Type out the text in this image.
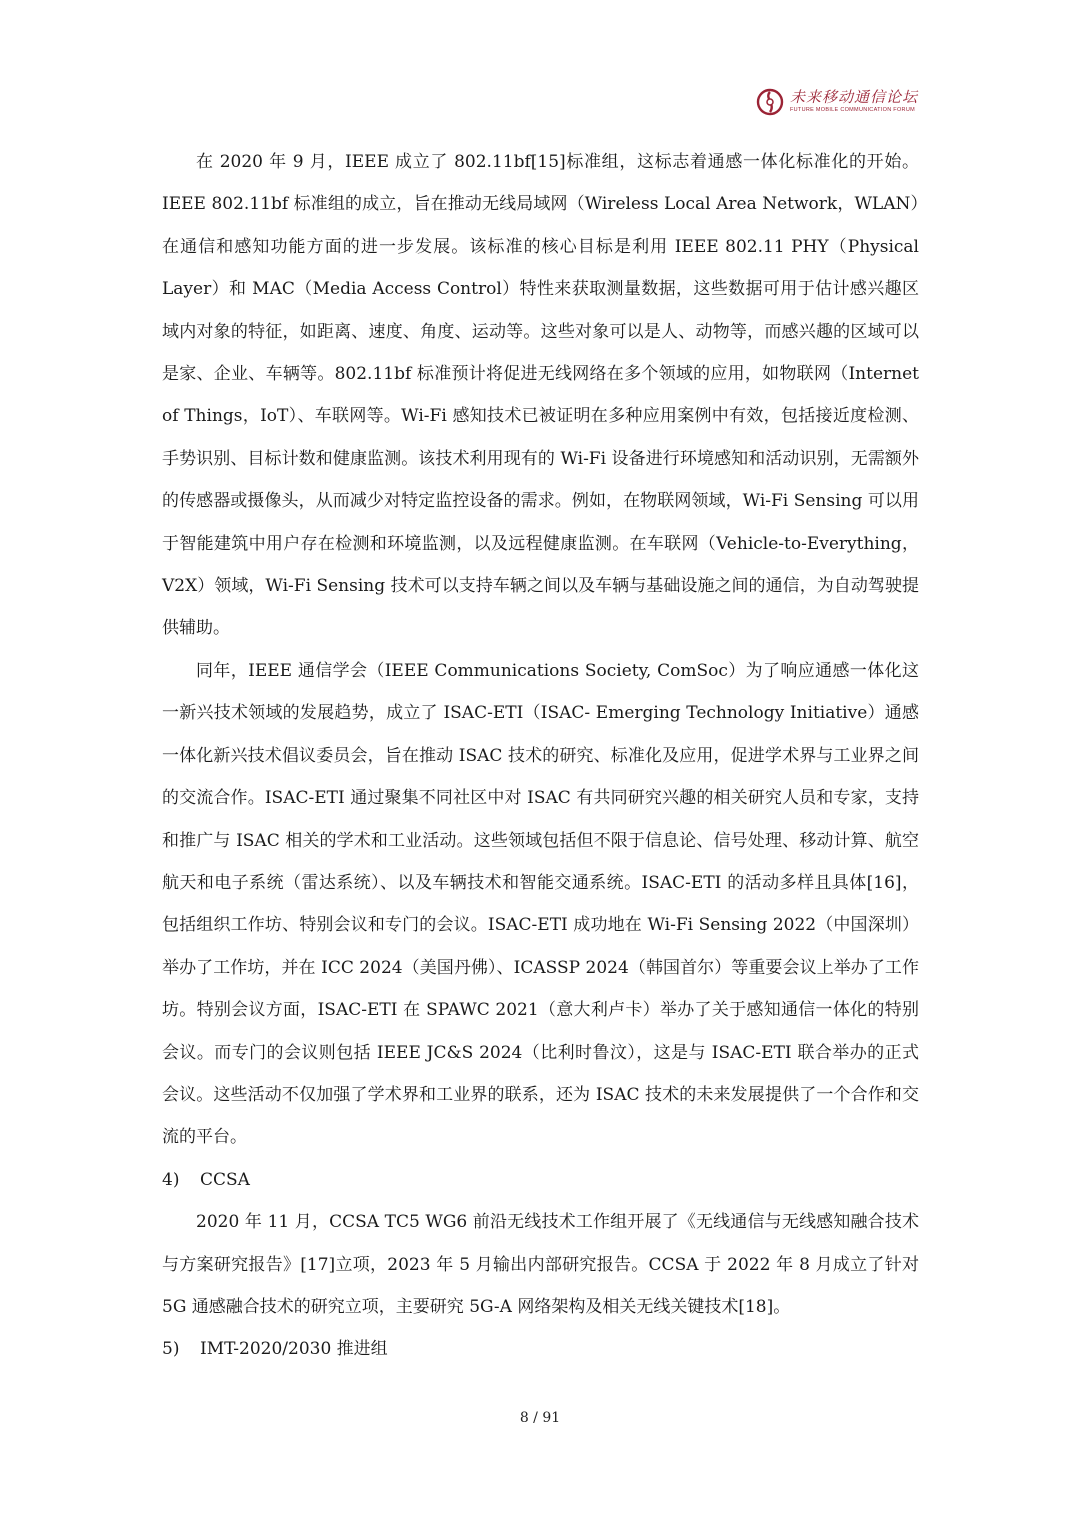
未来移动通信论坛
FUTURE MOBILE COMMUNICATION FORUM

在 2020 年 9 月，IEEE 成立了 802.11bf[15]标准组，这标志着通感一体化标准化的开始。IEEE 802.11bf 标准组的成立，旨在推动无线局域网（Wireless Local Area Network，WLAN）在通信和感知功能方面的进一步发展。该标准的核心目标是利用 IEEE 802.11 PHY（Physical Layer）和 MAC（Media Access Control）特性来获取测量数据，这些数据可用于估计感兴趣区域内对象的特征，如距离、速度、角度、运动等。这些对象可以是人、动物等，而感兴趣的区域可以是家、企业、车辆等。802.11bf 标准预计将促进无线网络在多个领域的应用，如物联网（Internet of Things，IoT）、车联网等。Wi-Fi 感知技术已被证明在多种应用案例中有效，包括接近度检测、手势识别、目标计数和健康监测。该技术利用现有的 Wi-Fi 设备进行环境感知和活动识别，无需额外的传感器或摄像头，从而减少对特定监控设备的需求。例如，在物联网领域，Wi-Fi Sensing 可以用于智能建筑中用户存在检测和环境监测，以及远程健康监测。在车联网（Vehicle-to-Everything，V2X）领域，Wi-Fi Sensing 技术可以支持车辆之间以及车辆与基础设施之间的通信，为自动驾驶提供辅助。

同年，IEEE 通信学会（IEEE Communications Society, ComSoc）为了响应通感一体化这一新兴技术领域的发展趋势，成立了 ISAC-ETI（ISAC- Emerging Technology Initiative）通感一体化新兴技术倡议委员会，旨在推动 ISAC 技术的研究、标准化及应用，促进学术界与工业界之间的交流合作。ISAC-ETI 通过聚集不同社区中对 ISAC 有共同研究兴趣的相关研究人员和专家，支持和推广与 ISAC 相关的学术和工业活动。这些领域包括但不限于信息论、信号处理、移动计算、航空航天和电子系统（雷达系统）、以及车辆技术和智能交通系统。ISAC-ETI 的活动多样且具体[16]，包括组织工作坊、特别会议和专门的会议。ISAC-ETI 成功地在 Wi-Fi Sensing 2022（中国深圳）举办了工作坊，并在 ICC 2024（美国丹佛）、ICASSP 2024（韩国首尔）等重要会议上举办了工作坊。特别会议方面，ISAC-ETI 在 SPAWC 2021（意大利卢卡）举办了关于感知通信一体化的特别会议。而专门的会议则包括 IEEE JC&S 2024（比利时鲁汶），这是与 ISAC-ETI 联合举办的正式会议。这些活动不仅加强了学术界和工业界的联系，还为 ISAC 技术的未来发展提供了一个合作和交流的平台。

4)	CCSA

2020 年 11 月，CCSA TC5 WG6 前沿无线技术工作组开展了《无线通信与无线感知融合技术与方案研究报告》[17]立项，2023 年 5 月输出内部研究报告。CCSA 于 2022 年 8 月成立了针对 5G 通感融合技术的研究立项，主要研究 5G-A 网络架构及相关无线关键技术[18]。

5)	IMT-2020/2030 推进组
8 / 91
